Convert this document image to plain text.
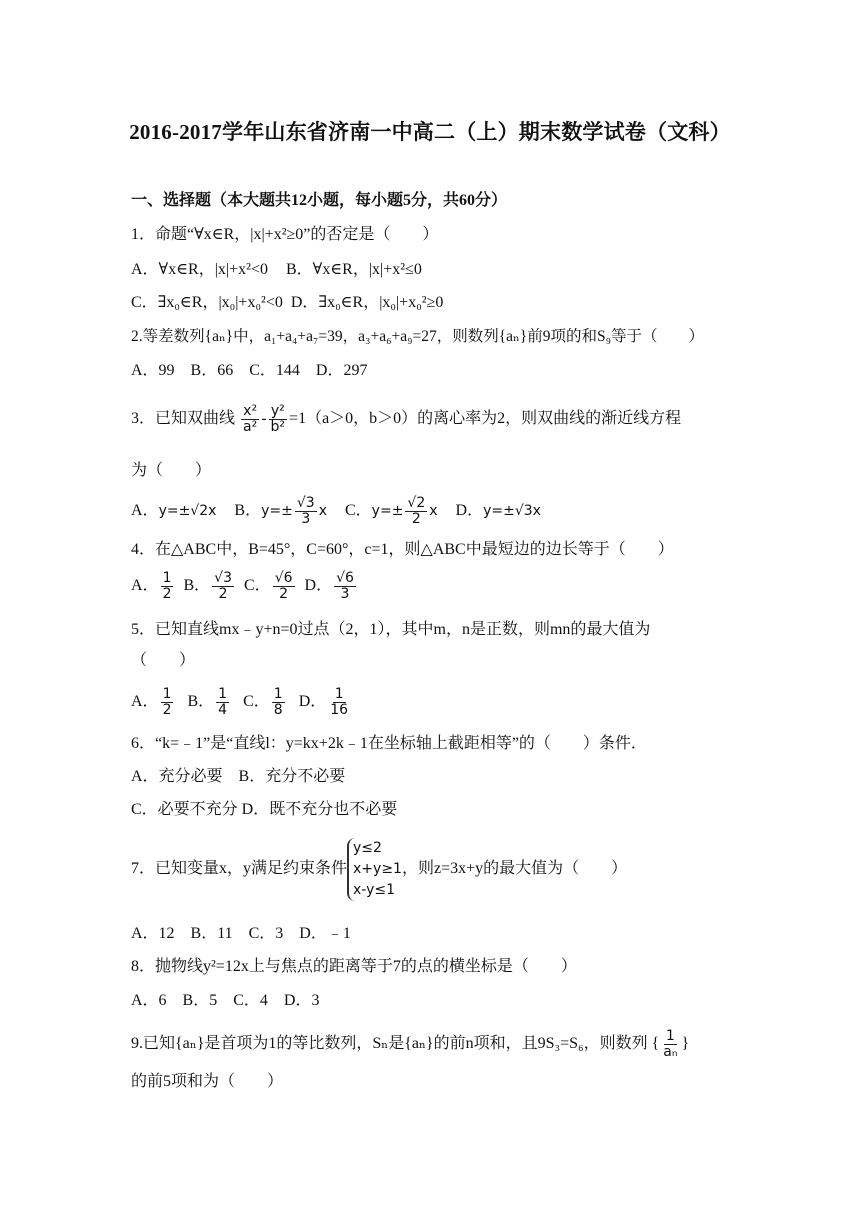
2016-2017学年山东省济南一中高二（上）期末数学试卷（文科）
一、选择题（本大题共12小题，每小题5分，共60分）
1．命题“∀x∈R，|x|+x²≥0”的否定是（　　）
A．∀x∈R，|x|+x²<0 B．∀x∈R，|x|+x²≤0
C．∃x₀∈R，|x₀|+x₀²<0 D．∃x₀∈R，|x₀|+x₀²≥0
2.等差数列{aₙ}中，a₁+a₄+a₇=39，a₃+a₆+a₉=27，则数列{aₙ}前9项的和S₉等于（　　）
A．99　B．66　C．144　D．297
3．已知双曲线 $\frac{\text{x²}}{\text{a²}} - \frac{\text{y²}}{\text{b²}} =1(a>0$，b＞0）的离心率为2，则双曲线的渐近线方程
为（　　）
A．y=±√2x B．$y=\pm \frac{√3}{3}$ x C．$y=\pm \frac{√2}{2}$ x D．y=±√3x
4．在△ABC中，B=45°，C=60°，c=1，则△ABC中最短边的边长等于（　　）
A． $\frac{1}{2}$ B． $\frac{√3}{2}$ C． $\frac{√6}{2}$ D． $\frac{√6}{3}$
5．已知直线mx﹣y+n=0过点（2，1），其中m，n是正数，则mn的最大值为
（　　）
A． $\frac{1}{2}$ B． $\frac{1}{4}$ C． $\frac{1}{8}$ D． $\frac{1}{16}$
6．“k=﹣1”是“直线l：y=kx+2k﹣1在坐标轴上截距相等”的（　　）条件．
A．充分必要　B．充分不必要
C．必要不充分 D．既不充分也不必要
7．已知变量x，y满足约束条件
y≤2
x+y≥1
x-y≤1
，则z=3x+y的最大值为（　　）
A．12　B．11　C．3　D．﹣1
8．抛物线y²=12x上与焦点的距离等于7的点的横坐标是（　　）
A．6　B．5　C．4　D．3
9.已知{aₙ}是首项为1的等比数列，Sₙ是{aₙ}的前n项和，且9S₃=S₆，则数列 { $\frac{1}{\text{aₙ}}$ }
的前5项和为（　　）
